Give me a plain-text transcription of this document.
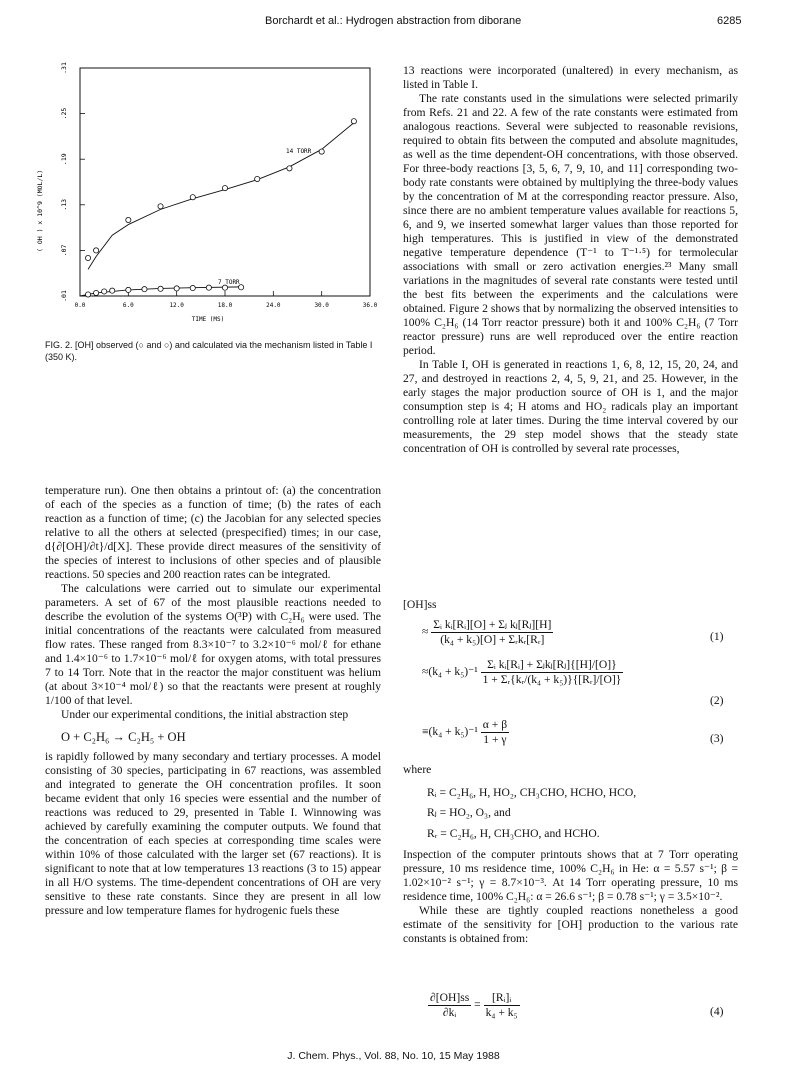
Borchardt et al.: Hydrogen abstraction from diborane	6285
0.0	6.0	12.0	18.0	24.0	30.0	36.0
.01
.07
.13
.19
.25
.31
( OH ) x 10^9 (MOL/L)
TIME (MS)
14 TORR
7 TORR
FIG. 2. [OH] observed (○ and ○) and calculated via the mechanism listed in Table I (350 K).

temperature run). One then obtains a printout of: (a) the concentration of each of the species as a function of time; (b) the rates of each reaction as a function of time; (c) the Jacobian for any selected species relative to all the others at selected (prespecified) times; in our case, d{∂[OH]/∂t}/d[X]. These provide direct measures of the sensitivity of the species of interest to inclusions of other species and of plausible reactions. 50 species and 200 reaction rates can be integrated.

The calculations were carried out to simulate our experimental parameters. A set of 67 of the most plausible reactions needed to describe the evolution of the systems O(³P) with C₂H₆ were used. The initial concentrations of the reactants were calculated from measured flow rates. These ranged from 8.3×10⁻⁷ to 3.2×10⁻⁶ mol/ℓ for ethane and 1.4×10⁻⁶ to 1.7×10⁻⁶ mol/ℓ for oxygen atoms, with total pressures 7 to 14 Torr. Note that in the reactor the major constituent was helium (at about 3×10⁻⁴ mol/ℓ) so that the reactants were present at roughly 1/100 of that level.

Under our experimental conditions, the initial abstraction step

O + C₂H₆ → C₂H₅ + OH

is rapidly followed by many secondary and tertiary processes. A model consisting of 30 species, participating in 67 reactions, was assembled and integrated to generate the OH concentration profiles. It soon became evident that only 16 species were essential and the number of reactions was reduced to 29, presented in Table I. Winnowing was achieved by carefully examining the computer outputs. We found that the concentration of each species at corresponding time scales were within 10% of those calculated with the larger set (67 reactions). It is significant to note that at low temperatures 13 reactions (3 to 15) appear in all H/O systems. The time-dependent concentrations of OH are very sensitive to these rate constants. Since they are present in all low pressure and low temperature flames for hydrogenic fuels these

13 reactions were incorporated (unaltered) in every mechanism, as listed in Table I.

The rate constants used in the simulations were selected primarily from Refs. 21 and 22. A few of the rate constants were estimated from analogous reactions. Several were subjected to reasonable revisions, required to obtain fits between the computed and absolute magnitudes, as well as the time dependent-OH concentrations, with those observed. For three-body reactions [3, 5, 6, 7, 9, 10, and 11] corresponding two-body rate constants were obtained by multiplying the three-body values by the concentration of M at the corresponding reactor pressure. Also, since there are no ambient temperature values available for reactions 5, 6, and 9, we inserted somewhat larger values than those reported for high temperatures. This is justified in view of the demonstrated negative temperature dependence (T⁻¹ to T⁻¹·⁵) for termolecular associations with small or zero activation energies.²³ Many small variations in the magnitudes of several rate constants were tested until the best fits between the experiments and the calculations were obtained. Figure 2 shows that by normalizing the observed intensities to 100% C₂H₆ (14 Torr reactor pressure) both it and 100% C₂H₆ (7 Torr reactor pressure) runs are well reproduced over the entire reaction period.

In Table I, OH is generated in reactions 1, 6, 8, 12, 15, 20, 24, and 27, and destroyed in reactions 2, 4, 5, 9, 21, and 25. However, in the early stages the major production source of OH is 1, and the major consumption step is 4; H atoms and HO₂ radicals play an important controlling role at later times. During the time interval covered by our measurements, the 29 step model shows that the steady state concentration of OH is controlled by several rate processes,

[OH]ss
≈ $\frac{\text{Σᵢ kᵢ[Rᵢ][O] + Σⱼ kⱼ[Rⱼ][H]}}{\text{(k₄ + k₅)[O] + Σᵣkᵣ[Rᵣ]}}$	(1)
$\approx(k_4 + k_5)^{-1} \frac{\text{Σᵢ kᵢ[Rᵢ] + Σⱼkⱼ[Rⱼ]\{[H]/[O]\}}}{\text{1 + Σᵣ\{kᵣ/(k₄ + k₅)\}\{[Rᵣ]/[O]\}}}$
(2)
$\equiv(k_4 + k_5)^{-1} \frac{\alpha + \beta}{1 + \gamma}$	(3)
where
Rᵢ = C₂H₆, H, HO₂, CH₃CHO, HCHO, HCO,
Rⱼ = HO₂, O₃, and
Rᵣ = C₂H₆, H, CH₃CHO, and HCHO.

Inspection of the computer printouts shows that at 7 Torr operating pressure, 10 ms residence time, 100% C₂H₆ in He: α = 5.57 s⁻¹; β = 1.02×10⁻² s⁻¹; γ = 8.7×10⁻³. At 14 Torr operating pressure, 10 ms residence time, 100% C₂H₆: α = 26.6 s⁻¹; β = 0.78 s⁻¹; γ = 3.5×10⁻².

While these are tightly coupled reactions nonetheless a good estimate of the sensitivity for [OH] production to the various rate constants is obtained from:

$\frac{\partial[OH]ss}{\text{∂kᵢ}} = \frac{\text{[Rᵢ]ᵢ}}{\text{k₄ + k₅}}$	(4)
J. Chem. Phys., Vol. 88, No. 10, 15 May 1988
